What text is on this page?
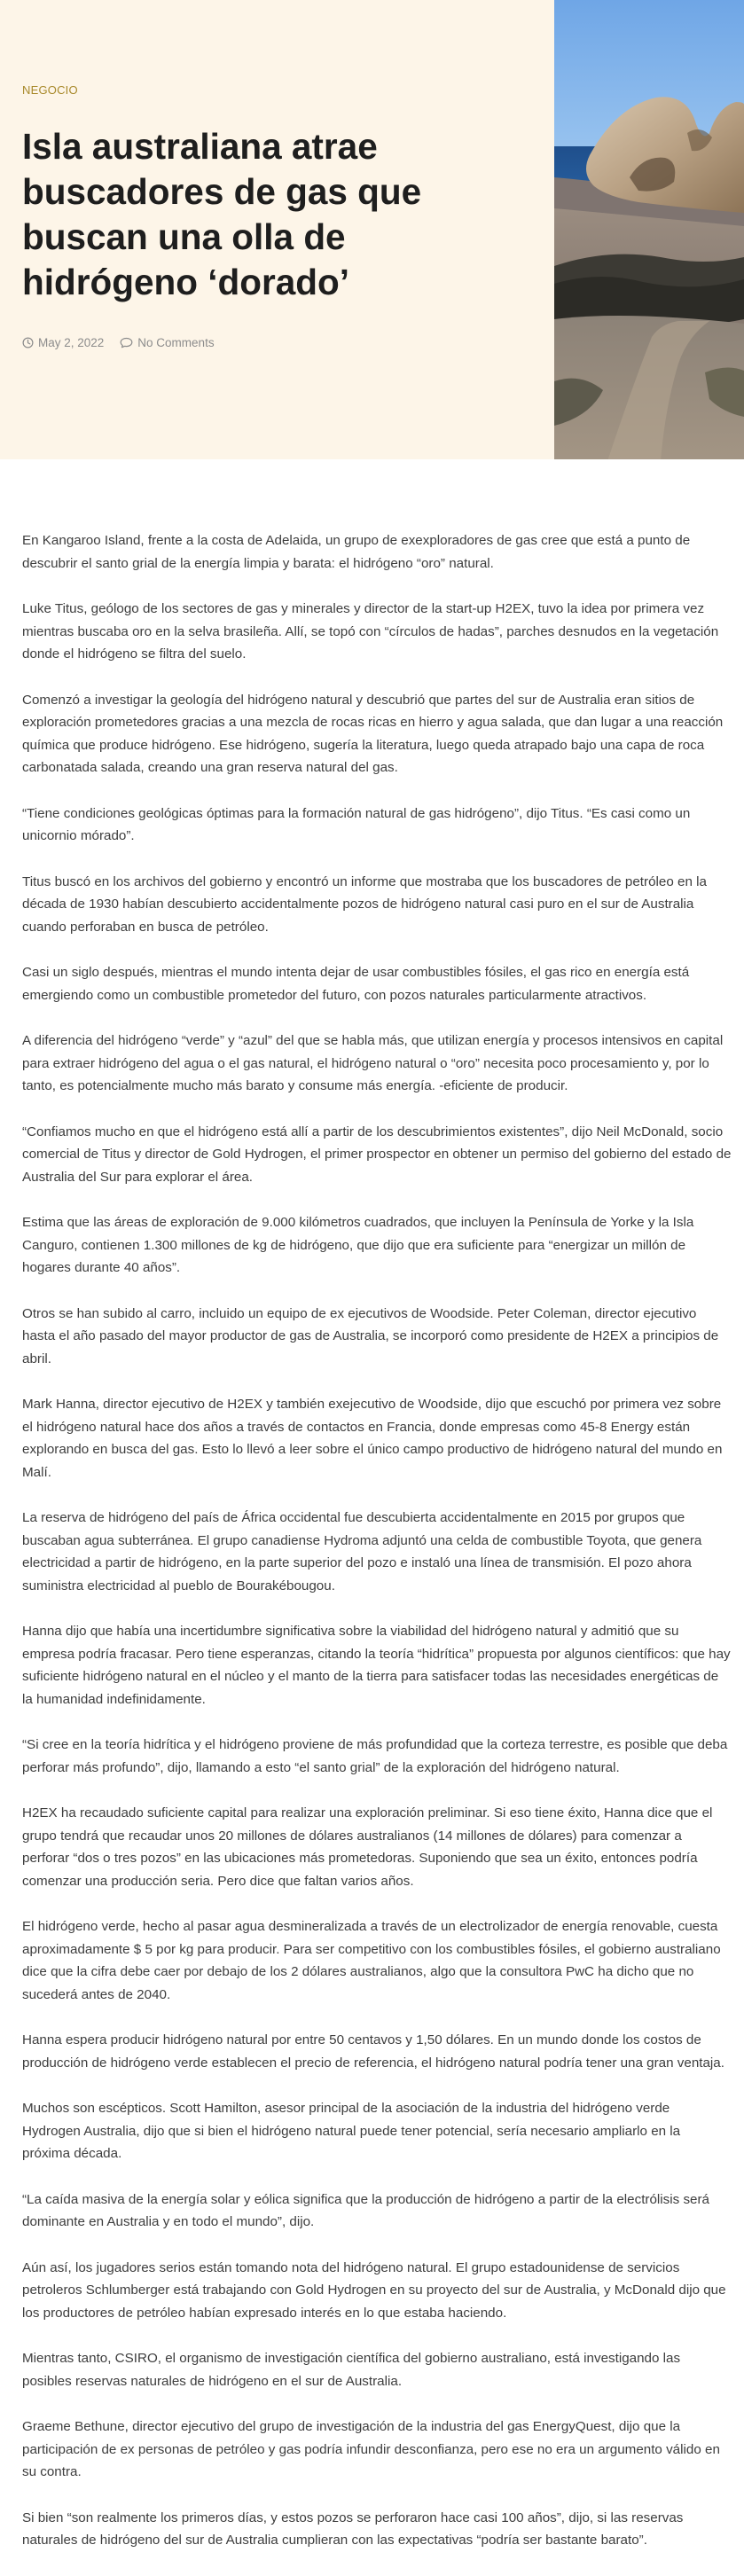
NEGOCIO
Isla australiana atrae buscadores de gas que buscan una olla de hidrógeno ‘dorado’
May 2, 2022	No Comments

En Kangaroo Island, frente a la costa de Adelaida, un grupo de exexploradores de gas cree que está a punto de descubrir el santo grial de la energía limpia y barata: el hidrógeno “oro” natural.

Luke Titus, geólogo de los sectores de gas y minerales y director de la start-up H2EX, tuvo la idea por primera vez mientras buscaba oro en la selva brasileña. Allí, se topó con “círculos de hadas”, parches desnudos en la vegetación donde el hidrógeno se filtra del suelo.

Comenzó a investigar la geología del hidrógeno natural y descubrió que partes del sur de Australia eran sitios de exploración prometedores gracias a una mezcla de rocas ricas en hierro y agua salada, que dan lugar a una reacción química que produce hidrógeno. Ese hidrógeno, sugería la literatura, luego queda atrapado bajo una capa de roca carbonatada salada, creando una gran reserva natural del gas.

“Tiene condiciones geológicas óptimas para la formación natural de gas hidrógeno”, dijo Titus. “Es casi como un unicornio mórado”.

Titus buscó en los archivos del gobierno y encontró un informe que mostraba que los buscadores de petróleo en la década de 1930 habían descubierto accidentalmente pozos de hidrógeno natural casi puro en el sur de Australia cuando perforaban en busca de petróleo.

Casi un siglo después, mientras el mundo intenta dejar de usar combustibles fósiles, el gas rico en energía está emergiendo como un combustible prometedor del futuro, con pozos naturales particularmente atractivos.

A diferencia del hidrógeno “verde” y “azul” del que se habla más, que utilizan energía y procesos intensivos en capital para extraer hidrógeno del agua o el gas natural, el hidrógeno natural o “oro” necesita poco procesamiento y, por lo tanto, es potencialmente mucho más barato y consume más energía. -eficiente de producir.

“Confiamos mucho en que el hidrógeno está allí a partir de los descubrimientos existentes”, dijo Neil McDonald, socio comercial de Titus y director de Gold Hydrogen, el primer prospector en obtener un permiso del gobierno del estado de Australia del Sur para explorar el área.

Estima que las áreas de exploración de 9.000 kilómetros cuadrados, que incluyen la Península de Yorke y la Isla Canguro, contienen 1.300 millones de kg de hidrógeno, que dijo que era suficiente para “energizar un millón de hogares durante 40 años”.

Otros se han subido al carro, incluido un equipo de ex ejecutivos de Woodside. Peter Coleman, director ejecutivo hasta el año pasado del mayor productor de gas de Australia, se incorporó como presidente de H2EX a principios de abril.

Mark Hanna, director ejecutivo de H2EX y también exejecutivo de Woodside, dijo que escuchó por primera vez sobre el hidrógeno natural hace dos años a través de contactos en Francia, donde empresas como 45-8 Energy están explorando en busca del gas. Esto lo llevó a leer sobre el único campo productivo de hidrógeno natural del mundo en Malí.

La reserva de hidrógeno del país de África occidental fue descubierta accidentalmente en 2015 por grupos que buscaban agua subterránea. El grupo canadiense Hydroma adjuntó una celda de combustible Toyota, que genera electricidad a partir de hidrógeno, en la parte superior del pozo e instaló una línea de transmisión. El pozo ahora suministra electricidad al pueblo de Bourakébougou.

Hanna dijo que había una incertidumbre significativa sobre la viabilidad del hidrógeno natural y admitió que su empresa podría fracasar. Pero tiene esperanzas, citando la teoría “hidrítica” propuesta por algunos científicos: que hay suficiente hidrógeno natural en el núcleo y el manto de la tierra para satisfacer todas las necesidades energéticas de la humanidad indefinidamente.

“Si cree en la teoría hidrítica y el hidrógeno proviene de más profundidad que la corteza terrestre, es posible que deba perforar más profundo”, dijo, llamando a esto “el santo grial” de la exploración del hidrógeno natural.

H2EX ha recaudado suficiente capital para realizar una exploración preliminar. Si eso tiene éxito, Hanna dice que el grupo tendrá que recaudar unos 20 millones de dólares australianos (14 millones de dólares) para comenzar a perforar “dos o tres pozos” en las ubicaciones más prometedoras. Suponiendo que sea un éxito, entonces podría comenzar una producción seria. Pero dice que faltan varios años.

El hidrógeno verde, hecho al pasar agua desmineralizada a través de un electrolizador de energía renovable, cuesta aproximadamente $ 5 por kg para producir. Para ser competitivo con los combustibles fósiles, el gobierno australiano dice que la cifra debe caer por debajo de los 2 dólares australianos, algo que la consultora PwC ha dicho que no sucederá antes de 2040.

Hanna espera producir hidrógeno natural por entre 50 centavos y 1,50 dólares. En un mundo donde los costos de producción de hidrógeno verde establecen el precio de referencia, el hidrógeno natural podría tener una gran ventaja.

Muchos son escépticos. Scott Hamilton, asesor principal de la asociación de la industria del hidrógeno verde Hydrogen Australia, dijo que si bien el hidrógeno natural puede tener potencial, sería necesario ampliarlo en la próxima década.

“La caída masiva de la energía solar y eólica significa que la producción de hidrógeno a partir de la electrólisis será dominante en Australia y en todo el mundo”, dijo.

Aún así, los jugadores serios están tomando nota del hidrógeno natural. El grupo estadounidense de servicios petroleros Schlumberger está trabajando con Gold Hydrogen en su proyecto del sur de Australia, y McDonald dijo que los productores de petróleo habían expresado interés en lo que estaba haciendo.

Mientras tanto, CSIRO, el organismo de investigación científica del gobierno australiano, está investigando las posibles reservas naturales de hidrógeno en el sur de Australia.

Graeme Bethune, director ejecutivo del grupo de investigación de la industria del gas EnergyQuest, dijo que la participación de ex personas de petróleo y gas podría infundir desconfianza, pero ese no era un argumento válido en su contra.

Si bien “son realmente los primeros días, y estos pozos se perforaron hace casi 100 años”, dijo, si las reservas naturales de hidrógeno del sur de Australia cumplieran con las expectativas “podría ser bastante barato”.
